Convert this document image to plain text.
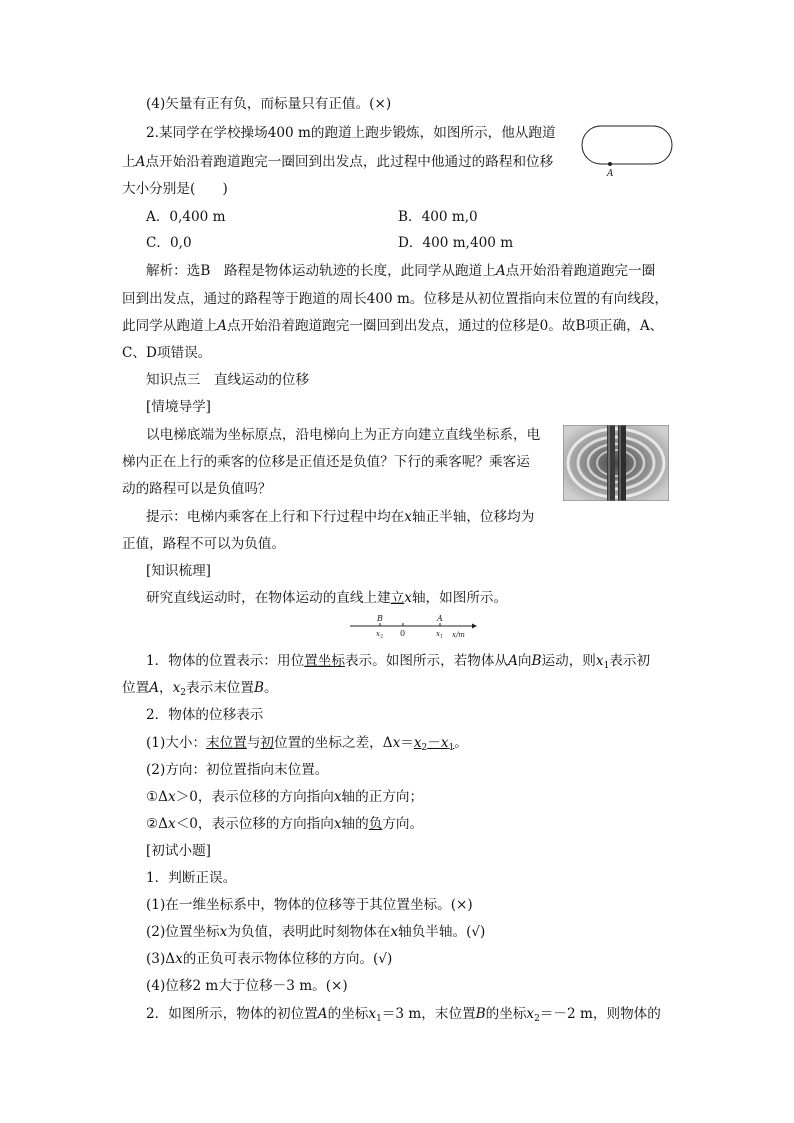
(4)矢量有正有负，而标量只有正值。(×)
2.某同学在学校操场400 m的跑道上跑步锻炼，如图所示，他从跑道
上A点开始沿着跑道跑完一圈回到出发点，此过程中他通过的路程和位移
大小分别是(　　)
A．0,400 m	B．400 m,0
C．0,0	D．400 m,400 m
解析：选B　路程是物体运动轨迹的长度，此同学从跑道上A点开始沿着跑道跑完一圈
回到出发点，通过的路程等于跑道的周长400 m。位移是从初位置指向末位置的有向线段，
此同学从跑道上A点开始沿着跑道跑完一圈回到出发点，通过的位移是0。故B项正确，A、
C、D项错误。
知识点三　直线运动的位移
[情境导学]
以电梯底端为坐标原点，沿电梯向上为正方向建立直线坐标系，电
梯内正在上行的乘客的位移是正值还是负值？下行的乘客呢？乘客运
动的路程可以是负值吗？
提示：电梯内乘客在上行和下行过程中均在x轴正半轴，位移均为
正值，路程不可以为负值。
[知识梳理]
研究直线运动时，在物体运动的直线上建立x轴，如图所示。
1．物体的位置表示：用位置坐标表示。如图所示，若物体从A向B运动，则$x_1$表示初
位置A，$x_2$表示末位置B。
2．物体的位移表示
(1)大小：末位置与初位置的坐标之差，$\Delta x=x_2-x_1$。
(2)方向：初位置指向末位置。
①Δx＞0，表示位移的方向指向x轴的正方向；
②Δx＜0，表示位移的方向指向x轴的负方向。
[初试小题]
1．判断正误。
(1)在一维坐标系中，物体的位移等于其位置坐标。(×)
(2)位置坐标x为负值，表明此时刻物体在x轴负半轴。(√)
(3)Δx的正负可表示物体位移的方向。(√)
(4)位移2 m大于位移－3 m。(×)
2．如图所示，物体的初位置A的坐标$x_1=3$ m，末位置B的坐标$x_2=-2$ m，则物体的
A
B	A
$x_2$ 0	$x_1$ x/m
